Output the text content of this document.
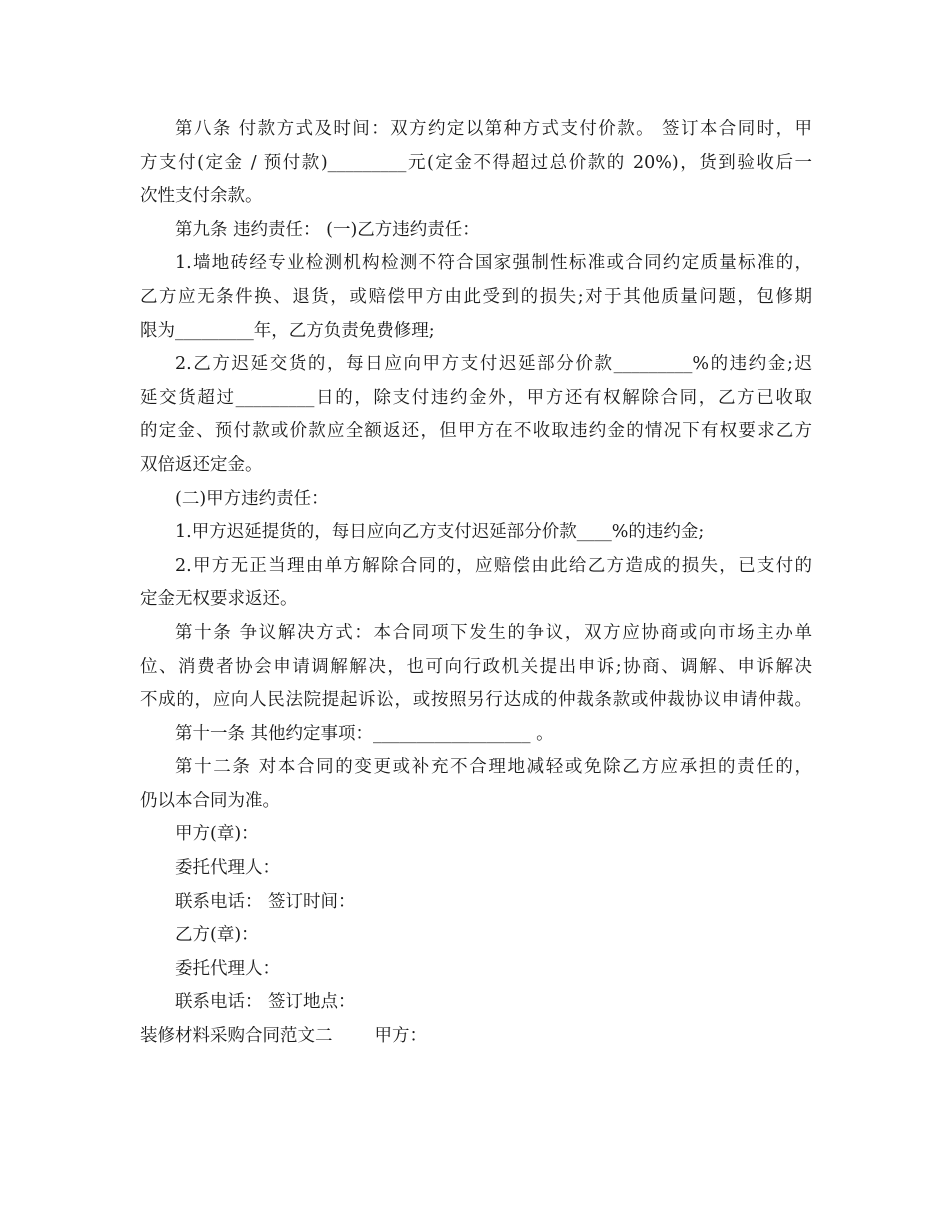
第八条 付款方式及时间：双方约定以第种方式支付价款。 签订本合同时，甲
方支付(定金 / 预付款)_________元(定金不得超过总价款的 20%)，货到验收后一
次性支付余款。
第九条 违约责任： (一)乙方违约责任：
1.墙地砖经专业检测机构检测不符合国家强制性标准或合同约定质量标准的，
乙方应无条件换、退货，或赔偿甲方由此受到的损失;对于其他质量问题，包修期
限为_________年，乙方负责免费修理;
2.乙方迟延交货的，每日应向甲方支付迟延部分价款_________%的违约金;迟
延交货超过_________日的，除支付违约金外，甲方还有权解除合同，乙方已收取
的定金、预付款或价款应全额返还，但甲方在不收取违约金的情况下有权要求乙方
双倍返还定金。
(二)甲方违约责任：
1.甲方迟延提货的，每日应向乙方支付迟延部分价款____%的违约金;
2.甲方无正当理由单方解除合同的，应赔偿由此给乙方造成的损失，已支付的
定金无权要求返还。
第十条 争议解决方式：本合同项下发生的争议，双方应协商或向市场主办单
位、消费者协会申请调解解决，也可向行政机关提出申诉;协商、调解、申诉解决
不成的，应向人民法院提起诉讼，或按照另行达成的仲裁条款或仲裁协议申请仲裁。
第十一条 其他约定事项：__________________ 。
第十二条 对本合同的变更或补充不合理地减轻或免除乙方应承担的责任的，
仍以本合同为准。
甲方(章)：
委托代理人：
联系电话： 签订时间：
乙方(章)：
委托代理人：
联系电话： 签订地点：
装修材料采购合同范文二 甲方：
